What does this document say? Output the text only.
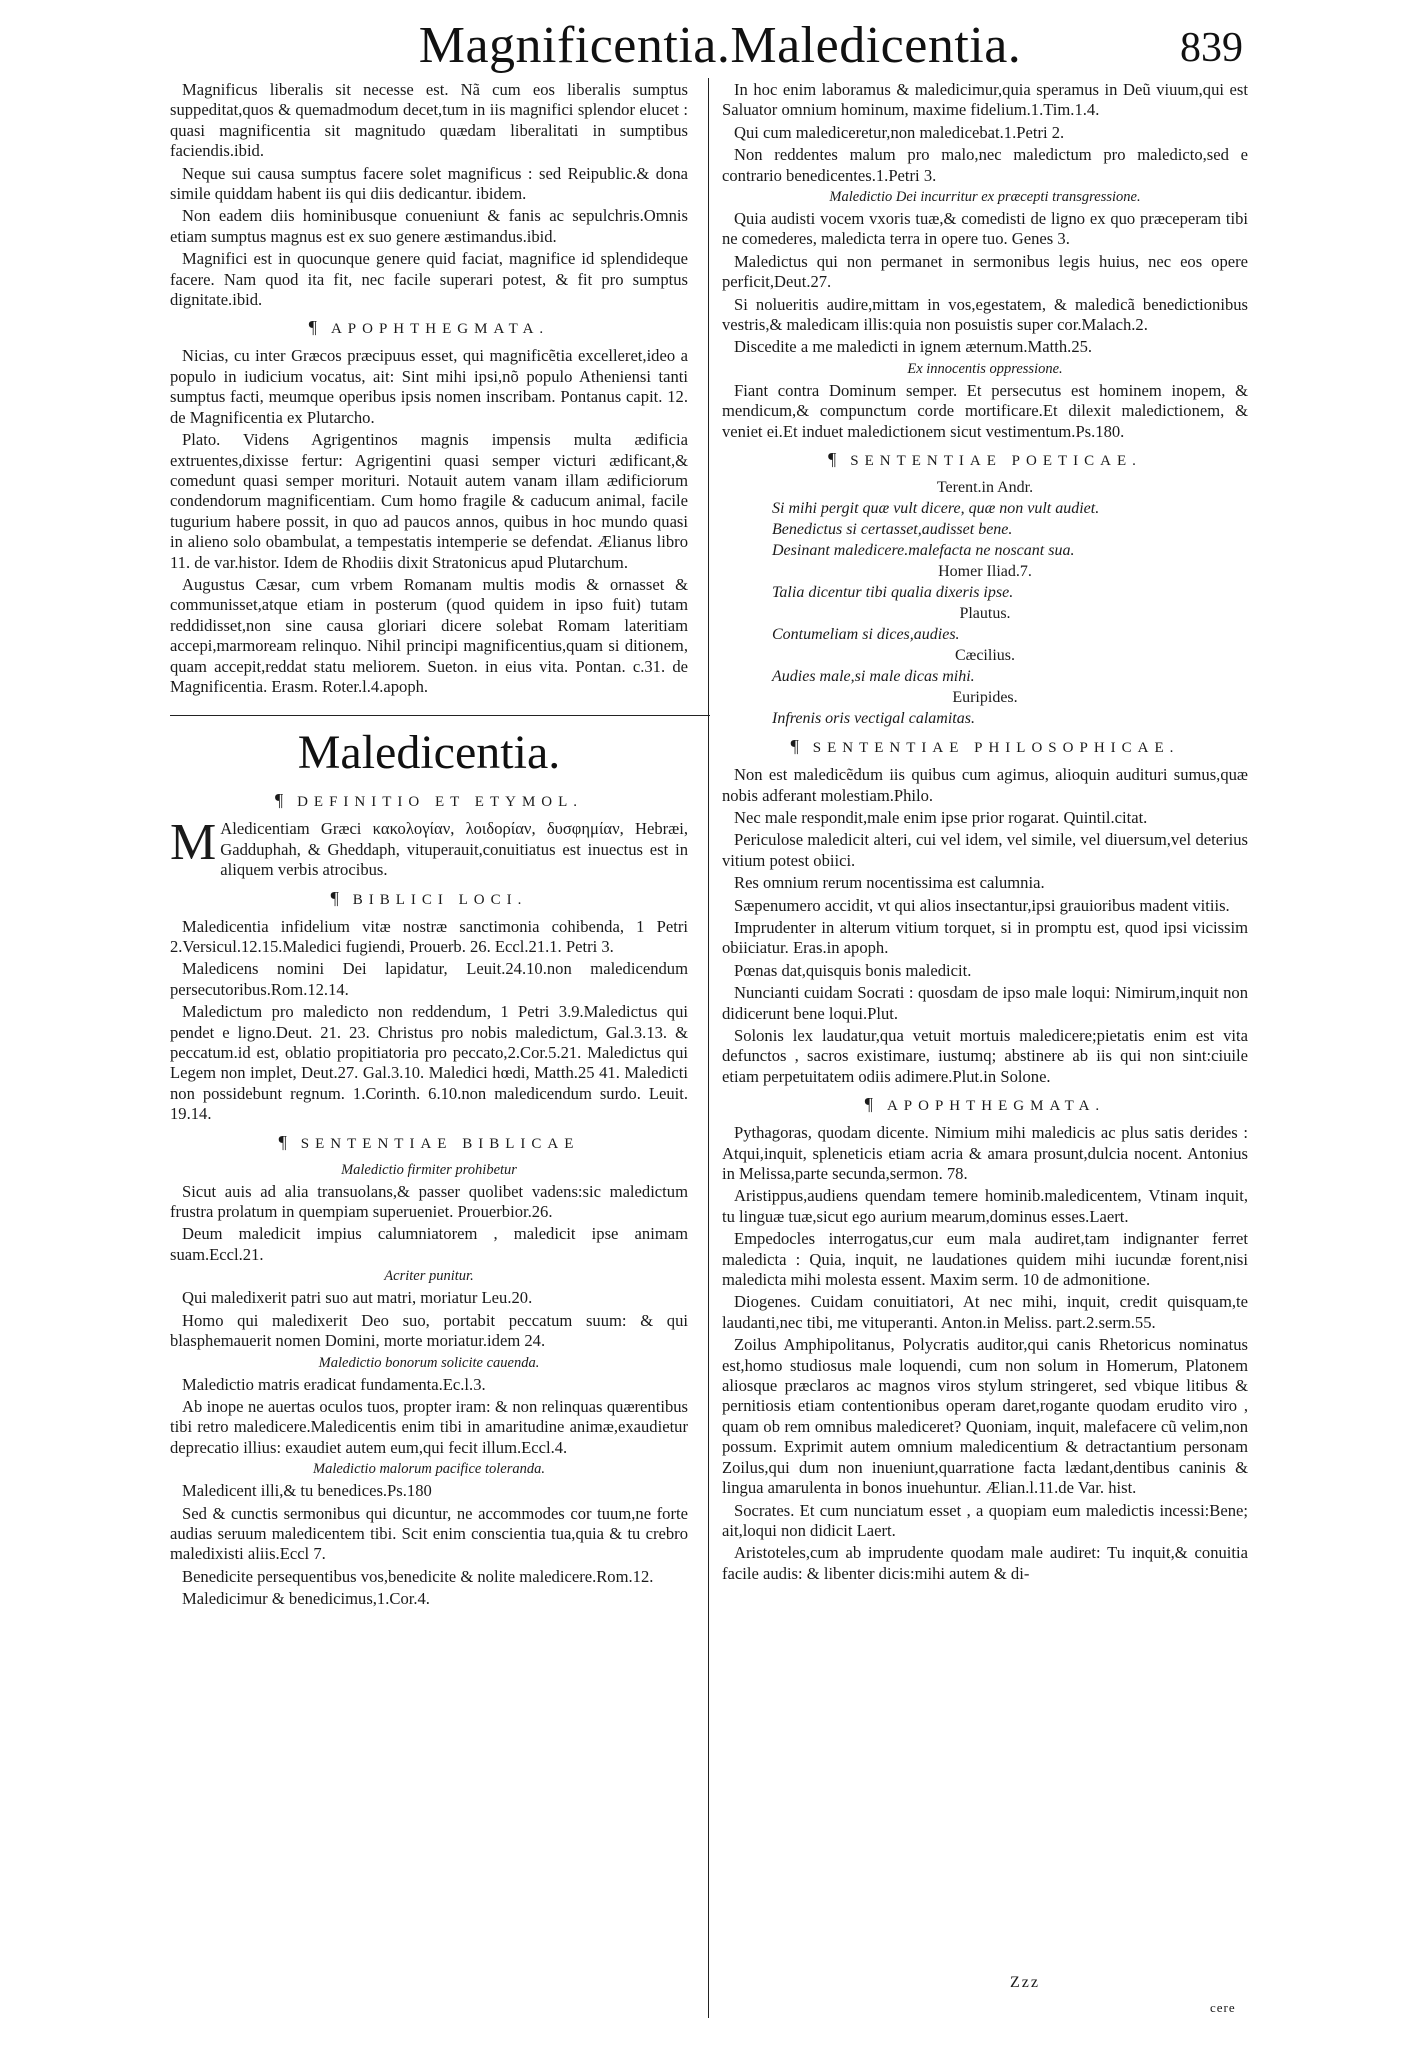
Magnificentia.Maledicentia.	839

Magnificus liberalis sit necesse est. Nã cum eos liberalis sumptus suppeditat,quos & quemadmodum decet,tum in iis magnifici splendor elucet : quasi magnificentia sit magnitudo quædam liberalitati in sumptibus faciendis.ibid.

Neque sui causa sumptus facere solet magnificus : sed Reipublic.& dona simile quiddam habent iis qui diis dedicantur. ibidem.

Non eadem diis hominibusque conueniunt & fanis ac sepulchris.Omnis etiam sumptus magnus est ex suo genere æstimandus.ibid.

Magnifici est in quocunque genere quid faciat, magnifice id splendideque facere. Nam quod ita fit, nec facile superari potest, & fit pro sumptus dignitate.ibid.

¶ APOPHTHEGMATA.

Nicias, cu inter Græcos præcipuus esset, qui magnificẽtia excelleret,ideo a populo in iudicium vocatus, ait: Sint mihi ipsi,nõ populo Atheniensi tanti sumptus facti, meumque operibus ipsis nomen inscribam. Pontanus capit. 12. de Magnificentia ex Plutarcho.

Plato. Videns Agrigentinos magnis impensis multa ædificia extruentes,dixisse fertur: Agrigentini quasi semper victuri ædificant,& comedunt quasi semper morituri. Notauit autem vanam illam ædificiorum condendorum magnificentiam. Cum homo fragile & caducum animal, facile tugurium habere possit, in quo ad paucos annos, quibus in hoc mundo quasi in alieno solo obambulat, a tempestatis intemperie se defendat. Ælianus libro 11. de var.histor. Idem de Rhodiis dixit Stratonicus apud Plutarchum.

Augustus Cæsar, cum vrbem Romanam multis modis & ornasset & communisset,atque etiam in posterum (quod quidem in ipso fuit) tutam reddidisset,non sine causa gloriari dicere solebat Romam lateritiam accepi,marmoream relinquo. Nihil principi magnificentius,quam si ditionem, quam accepit,reddat statu meliorem. Sueton. in eius vita. Pontan. c.31. de Magnificentia. Erasm. Roter.l.4.apoph.

Maledicentia.
¶ DEFINITIO ET ETYMOL.

M Aledicentiam Græci κακολογίαν, λοιδορίαν, δυσφημίαν, Hebræi, Gadduphah, & Gheddaph, vituperauit,conuitiatus est inuectus est in aliquem verbis atrocibus.

¶ BIBLICI LOCI.

Maledicentia infidelium vitæ nostræ sanctimonia cohibenda, 1 Petri 2.Versicul.12.15.Maledici fugiendi, Prouerb. 26. Eccl.21.1. Petri 3.

Maledicens nomini Dei lapidatur, Leuit.24.10.non maledicendum persecutoribus.Rom.12.14.

Maledictum pro maledicto non reddendum, 1 Petri 3.9.Maledictus qui pendet e ligno.Deut. 21. 23. Christus pro nobis maledictum, Gal.3.13. & peccatum.id est, oblatio propitiatoria pro peccato,2.Cor.5.21. Maledictus qui Legem non implet, Deut.27. Gal.3.10. Maledici hœdi, Matth.25 41. Maledicti non possidebunt regnum. 1.Corinth. 6.10.non maledicendum surdo. Leuit. 19.14.

¶ SENTENTIAE BIBLICAE
Maledictio firmiter prohibetur

Sicut auis ad alia transuolans,& passer quolibet vadens:sic maledictum frustra prolatum in quempiam superueniet. Prouerbior.26.

Deum maledicit impius calumniatorem , maledicit ipse animam suam.Eccl.21.

Acriter punitur.

Qui maledixerit patri suo aut matri, moriatur Leu.20.

Homo qui maledixerit Deo suo, portabit peccatum suum: & qui blasphemauerit nomen Domini, morte moriatur.idem 24.

Maledictio bonorum solicite cauenda.

Maledictio matris eradicat fundamenta.Ec.l.3.

Ab inope ne auertas oculos tuos, propter iram: & non relinquas quærentibus tibi retro maledicere.Maledicentis enim tibi in amaritudine animæ,exaudietur deprecatio illius: exaudiet autem eum,qui fecit illum.Eccl.4.

Maledictio malorum pacifice toleranda.

Maledicent illi,& tu benedices.Ps.180

Sed & cunctis sermonibus qui dicuntur, ne accommodes cor tuum,ne forte audias seruum maledicentem tibi. Scit enim conscientia tua,quia & tu crebro maledixisti aliis.Eccl 7.

Benedicite persequentibus vos,benedicite & nolite maledicere.Rom.12.

Maledicimur & benedicimus,1.Cor.4.

In hoc enim laboramus & maledicimur,quia speramus in Deũ viuum,qui est Saluator omnium hominum, maxime fidelium.1.Tim.1.4.

Qui cum malediceretur,non maledicebat.1.Petri 2.

Non reddentes malum pro malo,nec maledictum pro maledicto,sed e contrario benedicentes.1.Petri 3.

Maledictio Dei incurritur ex præcepti transgressione.

Quia audisti vocem vxoris tuæ,& comedisti de ligno ex quo præceperam tibi ne comederes, maledicta terra in opere tuo. Genes 3.

Maledictus qui non permanet in sermonibus legis huius, nec eos opere perficit,Deut.27.

Si nolueritis audire,mittam in vos,egestatem, & maledicã benedictionibus vestris,& maledicam illis:quia non posuistis super cor.Malach.2.

Discedite a me maledicti in ignem æternum.Matth.25.

Ex innocentis oppressione.

Fiant contra Dominum semper. Et persecutus est hominem inopem, & mendicum,& compunctum corde mortificare.Et dilexit maledictionem, & veniet ei.Et induet maledictionem sicut vestimentum.Ps.180.

¶ SENTENTIAE POETICAE.
Terent.in Andr.
Si mihi pergit quæ vult dicere, quæ non vult audiet.
Benedictus si certasset,audisset bene.
Desinant maledicere.malefacta ne noscant sua.
Homer Iliad.7.
Talia dicentur tibi qualia dixeris ipse.
Plautus.
Contumeliam si dices,audies.
Cæcilius.
Audies male,si male dicas mihi.
Euripides.
Infrenis oris vectigal calamitas.
¶ SENTENTIAE PHILOSOPHICAE.

Non est maledicẽdum iis quibus cum agimus, alioquin audituri sumus,quæ nobis adferant molestiam.Philo.

Nec male respondit,male enim ipse prior rogarat. Quintil.citat.

Periculose maledicit alteri, cui vel idem, vel simile, vel diuersum,vel deterius vitium potest obiici.

Res omnium rerum nocentissima est calumnia.

Sæpenumero accidit, vt qui alios insectantur,ipsi grauioribus madent vitiis.

Imprudenter in alterum vitium torquet, si in promptu est, quod ipsi vicissim obiiciatur. Eras.in apoph.

Pœnas dat,quisquis bonis maledicit.

Nuncianti cuidam Socrati : quosdam de ipso male loqui: Nimirum,inquit non didicerunt bene loqui.Plut.

Solonis lex laudatur,qua vetuit mortuis maledicere;pietatis enim est vita defunctos , sacros existimare, iustumq; abstinere ab iis qui non sint:ciuile etiam perpetuitatem odiis adimere.Plut.in Solone.

¶ APOPHTHEGMATA.

Pythagoras, quodam dicente. Nimium mihi maledicis ac plus satis derides : Atqui,inquit, spleneticis etiam acria & amara prosunt,dulcia nocent. Antonius in Melissa,parte secunda,sermon. 78.

Aristippus,audiens quendam temere hominib.maledicentem, Vtinam inquit, tu linguæ tuæ,sicut ego aurium mearum,dominus esses.Laert.

Empedocles interrogatus,cur eum mala audiret,tam indignanter ferret maledicta : Quia, inquit, ne laudationes quidem mihi iucundæ forent,nisi maledicta mihi molesta essent. Maxim serm. 10 de admonitione.

Diogenes. Cuidam conuitiatori, At nec mihi, inquit, credit quisquam,te laudanti,nec tibi, me vituperanti. Anton.in Meliss. part.2.serm.55.

Zoilus Amphipolitanus, Polycratis auditor,qui canis Rhetoricus nominatus est,homo studiosus male loquendi, cum non solum in Homerum, Platonem aliosque præclaros ac magnos viros stylum stringeret, sed vbique litibus & pernitiosis etiam contentionibus operam daret,rogante quodam erudito viro , quam ob rem omnibus malediceret? Quoniam, inquit, malefacere cũ velim,non possum. Exprimit autem omnium maledicentium & detractantium personam Zoilus,qui dum non inueniunt,quarratione facta lædant,dentibus caninis & lingua amarulenta in bonos inuehuntur. Ælian.l.11.de Var. hist.

Socrates. Et cum nunciatum esset , a quopiam eum maledictis incessi:Bene; ait,loqui non didicit Laert.

Aristoteles,cum ab imprudente quodam male audiret: Tu inquit,& conuitia facile audis: & libenter dicis:mihi autem & di-

Zzz
cere
